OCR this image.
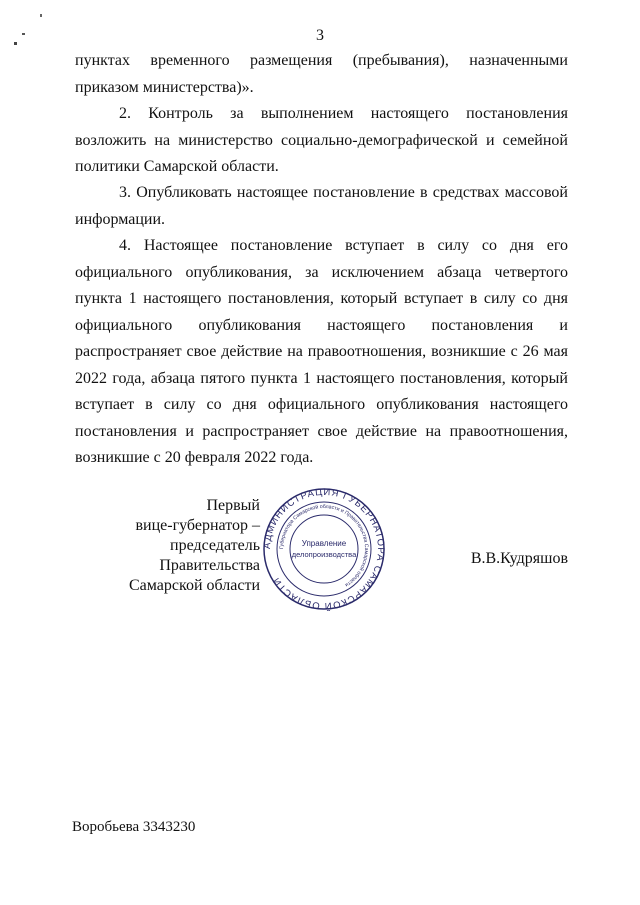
3

пунктах временного размещения (пребывания), назначенными приказом министерства)».

2. Контроль за выполнением настоящего постановления возложить на министерство социально-демографической и семейной политики Самарской области.

3. Опубликовать настоящее постановление в средствах массовой информации.

4. Настоящее постановление вступает в силу со дня его официального опубликования, за исключением абзаца четвертого пункта 1 настоящего постановления, который вступает в силу со дня официального опубликования настоящего постановления и распространяет свое действие на правоотношения, возникшие с 26 мая 2022 года, абзаца пятого пункта 1 настоящего постановления, который вступает в силу со дня официального опубликования настоящего постановления и распространяет свое действие на правоотношения, возникшие с 20 февраля 2022 года.

Первый
вице-губернатор –
председатель Правительства
Самарской области
АДМИНИСТРАЦИЯ ГУБЕРНАТОРА САМАРСКОЙ ОБЛАСТИ
Губернатора Самарской области и Правительства Самарской области
Управление
делопроизводства	В.В.Кудряшов
Воробьева 3343230
